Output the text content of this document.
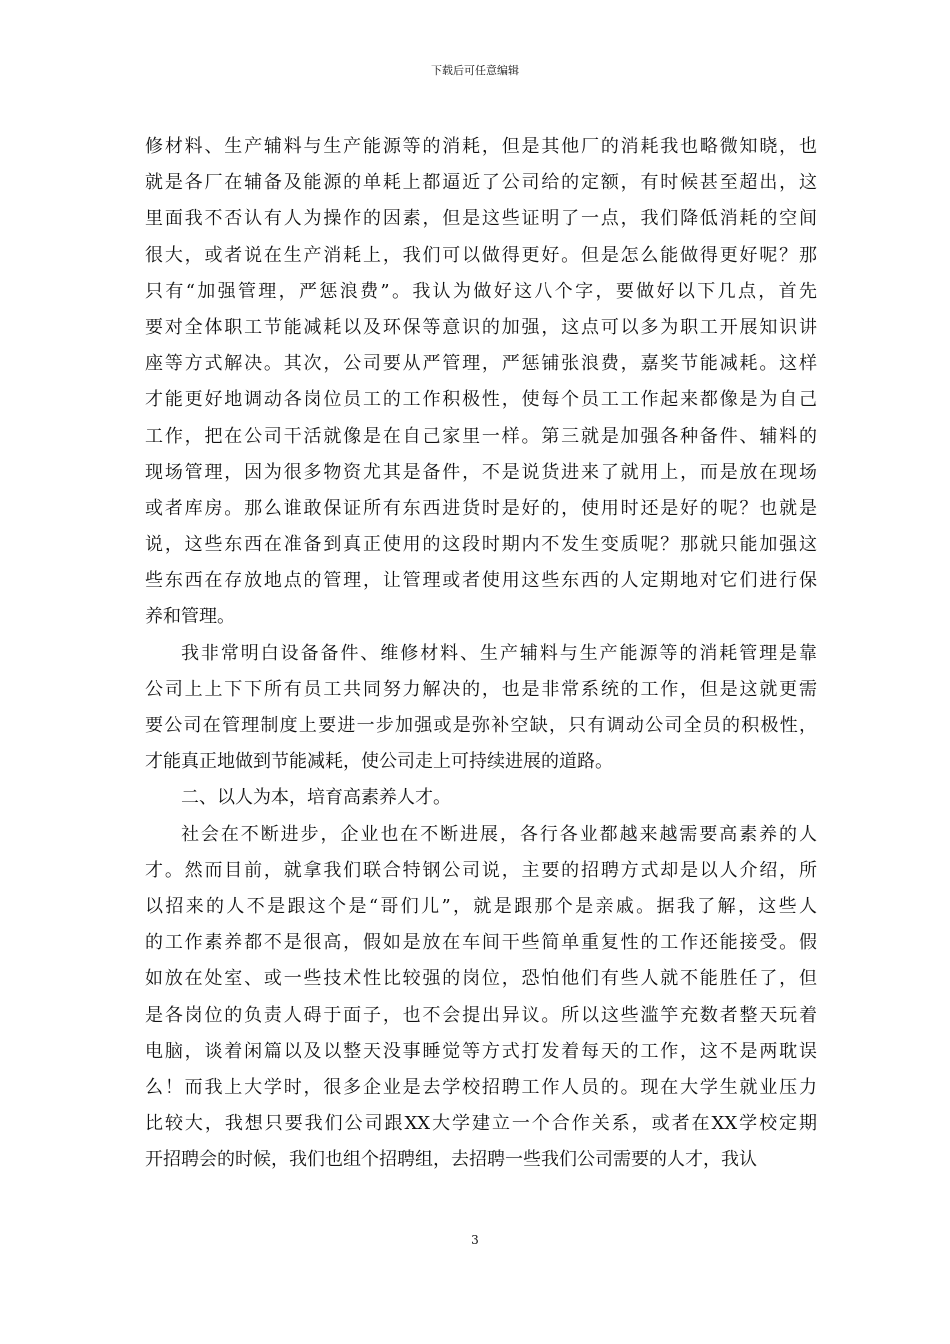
下载后可任意编辑
修材料、生产辅料与生产能源等的消耗，但是其他厂的消耗我也略微知晓，也
就是各厂在辅备及能源的单耗上都逼近了公司给的定额，有时候甚至超出，这
里面我不否认有人为操作的因素，但是这些证明了一点，我们降低消耗的空间
很大，或者说在生产消耗上，我们可以做得更好。但是怎么能做得更好呢？那
只有“加强管理，严惩浪费”。我认为做好这八个字，要做好以下几点，首先
要对全体职工节能减耗以及环保等意识的加强，这点可以多为职工开展知识讲
座等方式解决。其次，公司要从严管理，严惩铺张浪费，嘉奖节能减耗。这样
才能更好地调动各岗位员工的工作积极性，使每个员工工作起来都像是为自己
工作，把在公司干活就像是在自己家里一样。第三就是加强各种备件、辅料的
现场管理，因为很多物资尤其是备件，不是说货进来了就用上，而是放在现场
或者库房。那么谁敢保证所有东西进货时是好的，使用时还是好的呢？也就是
说，这些东西在准备到真正使用的这段时期内不发生变质呢？那就只能加强这
些东西在存放地点的管理，让管理或者使用这些东西的人定期地对它们进行保
养和管理。
我非常明白设备备件、维修材料、生产辅料与生产能源等的消耗管理是靠
公司上上下下所有员工共同努力解决的，也是非常系统的工作，但是这就更需
要公司在管理制度上要进一步加强或是弥补空缺，只有调动公司全员的积极性，
才能真正地做到节能减耗，使公司走上可持续进展的道路。
二、以人为本，培育高素养人才。
社会在不断进步，企业也在不断进展，各行各业都越来越需要高素养的人
才。然而目前，就拿我们联合特钢公司说，主要的招聘方式却是以人介绍，所
以招来的人不是跟这个是“哥们儿”，就是跟那个是亲戚。据我了解，这些人
的工作素养都不是很高，假如是放在车间干些简单重复性的工作还能接受。假
如放在处室、或一些技术性比较强的岗位，恐怕他们有些人就不能胜任了，但
是各岗位的负责人碍于面子，也不会提出异议。所以这些滥竽充数者整天玩着
电脑，谈着闲篇以及以整天没事睡觉等方式打发着每天的工作，这不是两耽误
么！而我上大学时，很多企业是去学校招聘工作人员的。现在大学生就业压力
比较大，我想只要我们公司跟XX大学建立一个合作关系，或者在XX学校定期
开招聘会的时候，我们也组个招聘组，去招聘一些我们公司需要的人才，我认
3
